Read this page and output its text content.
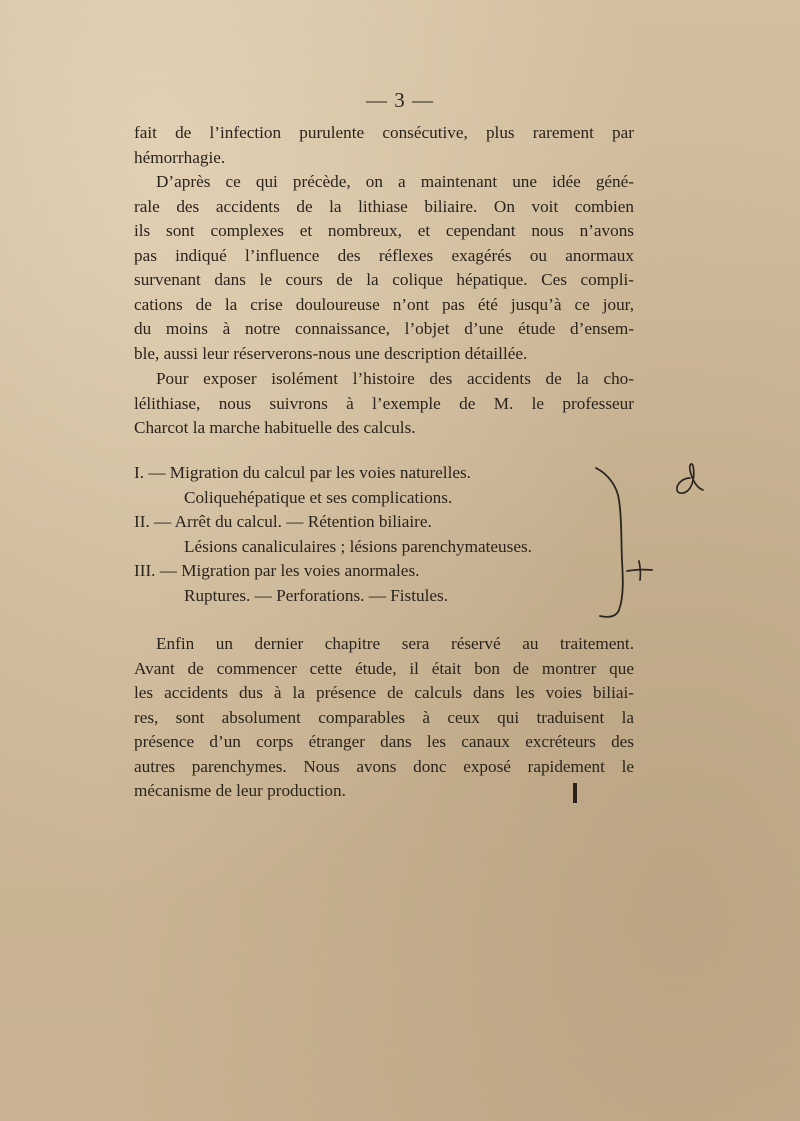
— 3 —
fait de l’infection purulente consécutive, plus rarement par
hémorrhagie.
D’après ce qui précède, on a maintenant une idée géné-
rale des accidents de la lithiase biliaire. On voit combien
ils sont complexes et nombreux, et cependant nous n’avons
pas indiqué l’influence des réflexes exagérés ou anormaux
survenant dans le cours de la colique hépatique. Ces compli-
cations de la crise douloureuse n’ont pas été jusqu’à ce jour,
du moins à notre connaissance, l’objet d’une étude d’ensem-
ble, aussi leur réserverons-nous une description détaillée.
Pour exposer isolément l’histoire des accidents de la cho-
lélithiase, nous suivrons à l’exemple de M. le professeur
Charcot la marche habituelle des calculs.
I. — Migration du calcul par les voies naturelles.
Coliquehépatique et ses complications.
II. — Arrêt du calcul. — Rétention biliaire.
Lésions canaliculaires ; lésions parenchymateuses.
III. — Migration par les voies anormales.
Ruptures. — Perforations. — Fistules.
Enfin un dernier chapitre sera réservé au traitement.
Avant de commencer cette étude, il était bon de montrer que
les accidents dus à la présence de calculs dans les voies biliai-
res, sont absolument comparables à ceux qui traduisent la
présence d’un corps étranger dans les canaux excréteurs des
autres parenchymes. Nous avons donc exposé rapidement le
mécanisme de leur production.
